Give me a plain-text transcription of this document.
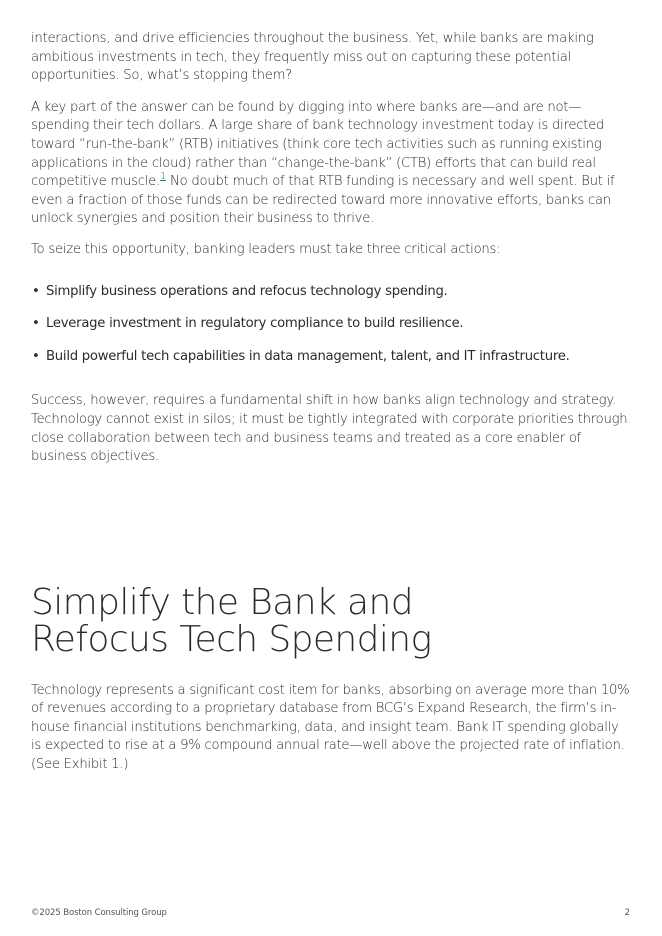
interactions, and drive efficiencies throughout the business. Yet, while banks are making ambitious investments in tech, they frequently miss out on capturing these potential opportunities. So, what’s stopping them?

A key part of the answer can be found by digging into where banks are—and are not—spending their tech dollars. A large share of bank technology investment today is directed toward “run-the-bank” (RTB) initiatives (think core tech activities such as running existing applications in the cloud) rather than “change-the-bank” (CTB) efforts that can build real competitive muscle.$^1$ No doubt much of that RTB funding is necessary and well spent. But if even a fraction of those funds can be redirected toward more innovative efforts, banks can unlock synergies and position their business to thrive.

To seize this opportunity, banking leaders must take three critical actions:

• Simplify business operations and refocus technology spending.
• Leverage investment in regulatory compliance to build resilience.
• Build powerful tech capabilities in data management, talent, and IT infrastructure.

Success, however, requires a fundamental shift in how banks align technology and strategy. Technology cannot exist in silos; it must be tightly integrated with corporate priorities through close collaboration between tech and business teams and treated as a core enabler of business objectives.

Simplify the Bank and Refocus Tech Spending

Technology represents a significant cost item for banks, absorbing on average more than 10% of revenues according to a proprietary database from BCG’s Expand Research, the firm’s in-house financial institutions benchmarking, data, and insight team. Bank IT spending globally is expected to rise at a 9% compound annual rate—well above the projected rate of inflation. (See Exhibit 1.)

©2025 Boston Consulting Group	2
